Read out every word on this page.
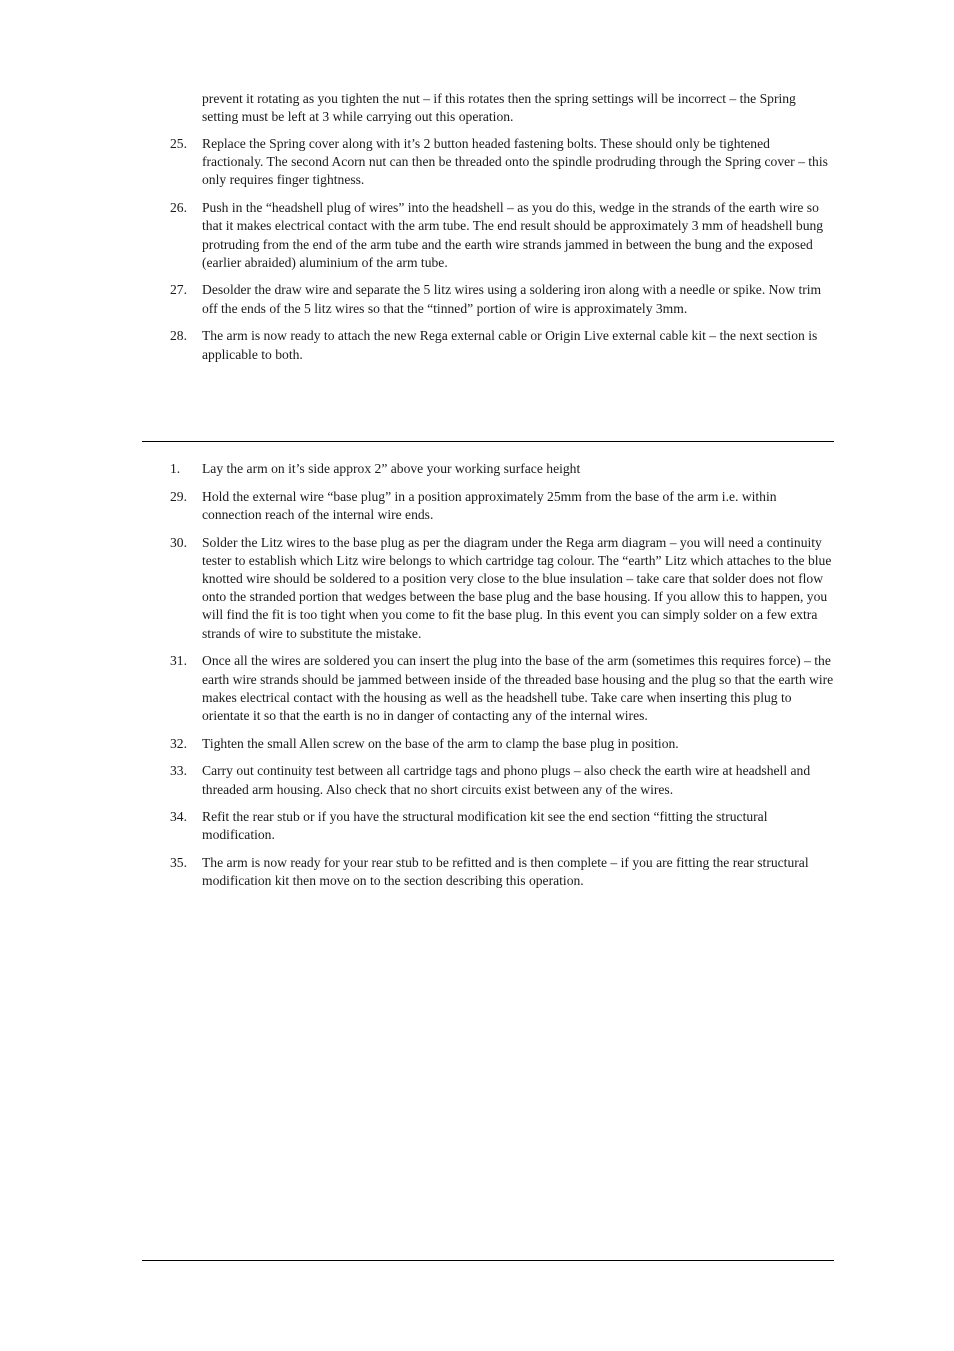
prevent it rotating as you tighten the nut – if this rotates then the spring settings will be incorrect – the Spring setting must be left at 3 while carrying out this operation.

25.	Replace the Spring cover along with it’s 2 button headed fastening bolts. These should only be tightened fractionaly. The second Acorn nut can then be threaded onto the spindle prodruding through the Spring cover – this only requires finger tightness.
26.	Push in the “headshell plug of wires” into the headshell – as you do this, wedge in the strands of the earth wire so that it makes electrical contact with the arm tube. The end result should be approximately 3 mm of headshell bung protruding from the end of the arm tube and the earth wire strands jammed in between the bung and the exposed (earlier abraided) aluminium of the arm tube.
27.	Desolder the draw wire and separate the 5 litz wires using a soldering iron along with a needle or spike. Now trim off the ends of the 5 litz wires so that the “tinned” portion of wire is approximately 3mm.
28.	The arm is now ready to attach the new Rega external cable or Origin Live external cable kit – the next section is applicable to both.
1.	Lay the arm on it’s side approx 2” above your working surface height
29.	Hold the external wire “base plug” in a position approximately 25mm from the base of the arm i.e. within connection reach of the internal wire ends.
30.	Solder the Litz wires to the base plug as per the diagram under the Rega arm diagram – you will need a continuity tester to establish which Litz wire belongs to which cartridge tag colour. The “earth” Litz which attaches to the blue knotted wire should be soldered to a position very close to the blue insulation – take care that solder does not flow onto the stranded portion that wedges between the base plug and the base housing. If you allow this to happen, you will find the fit is too tight when you come to fit the base plug. In this event you can simply solder on a few extra strands of wire to substitute the mistake.
31.	Once all the wires are soldered you can insert the plug into the base of the arm (sometimes this requires force) – the earth wire strands should be jammed between inside of the threaded base housing and the plug so that the earth wire makes electrical contact with the housing as well as the headshell tube. Take care when inserting this plug to orientate it so that the earth is no in danger of contacting any of the internal wires.
32.	Tighten the small Allen screw on the base of the arm to clamp the base plug in position.
33.	Carry out continuity test between all cartridge tags and phono plugs – also check the earth wire at headshell and threaded arm housing. Also check that no short circuits exist between any of the wires.
34.	Refit the rear stub or if you have the structural modification kit see the end section “fitting the structural modification.
35.	The arm is now ready for your rear stub to be refitted and is then complete – if you are fitting the rear structural modification kit then move on to the section describing this operation.
